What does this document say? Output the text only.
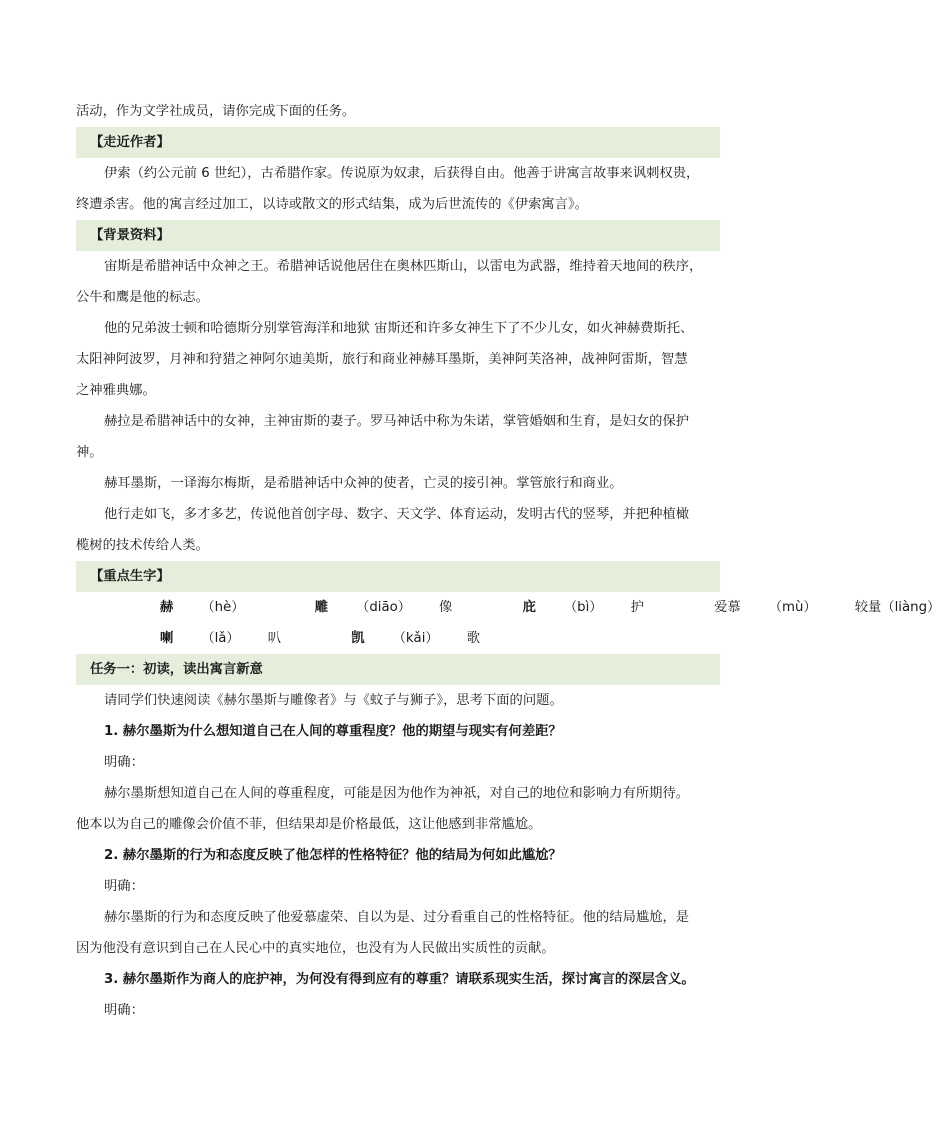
活动，作为文学社成员，请你完成下面的任务。
【走近作者】
伊索（约公元前 6 世纪），古希腊作家。传说原为奴隶，后获得自由。他善于讲寓言故事来讽刺权贵，
终遭杀害。他的寓言经过加工，以诗或散文的形式结集，成为后世流传的《伊索寓言》。
【背景资料】
宙斯是希腊神话中众神之王。希腊神话说他居住在奥林匹斯山，以雷电为武器，维持着天地间的秩序，
公牛和鹰是他的标志。
他的兄弟波士顿和哈德斯分别掌管海洋和地狱 宙斯还和许多女神生下了不少儿女，如火神赫费斯托、
太阳神阿波罗，月神和狩猎之神阿尔迪美斯，旅行和商业神赫耳墨斯，美神阿芙洛神，战神阿雷斯，智慧
之神雅典娜。
赫拉是希腊神话中的女神，主神宙斯的妻子。罗马神话中称为朱诺，掌管婚姻和生育，是妇女的保护
神。
赫耳墨斯，一译海尔梅斯，是希腊神话中众神的使者，亡灵的接引神。掌管旅行和商业。
他行走如飞，多才多艺，传说他首创字母、数字、天文学、体育运动，发明古代的竖琴，并把种植橄
榄树的技术传给人类。
【重点生字】
赫 （hè）	雕 （diāo） 像	庇 （bì） 护	爱慕 （mù）	较量（liàng）
喇 （lǎ） 叭	凯 （kǎi） 歌
任务一：初读，读出寓言新意
请同学们快速阅读《赫尔墨斯与雕像者》与《蚊子与狮子》，思考下面的问题。
1. 赫尔墨斯为什么想知道自己在人间的尊重程度？他的期望与现实有何差距？
明确：
赫尔墨斯想知道自己在人间的尊重程度，可能是因为他作为神祇，对自己的地位和影响力有所期待。
他本以为自己的雕像会价值不菲，但结果却是价格最低，这让他感到非常尴尬。
2. 赫尔墨斯的行为和态度反映了他怎样的性格特征？他的结局为何如此尴尬？
明确：
赫尔墨斯的行为和态度反映了他爱慕虚荣、自以为是、过分看重自己的性格特征。他的结局尴尬，是
因为他没有意识到自己在人民心中的真实地位，也没有为人民做出实质性的贡献。
3. 赫尔墨斯作为商人的庇护神，为何没有得到应有的尊重？请联系现实生活，探讨寓言的深层含义。
明确：
